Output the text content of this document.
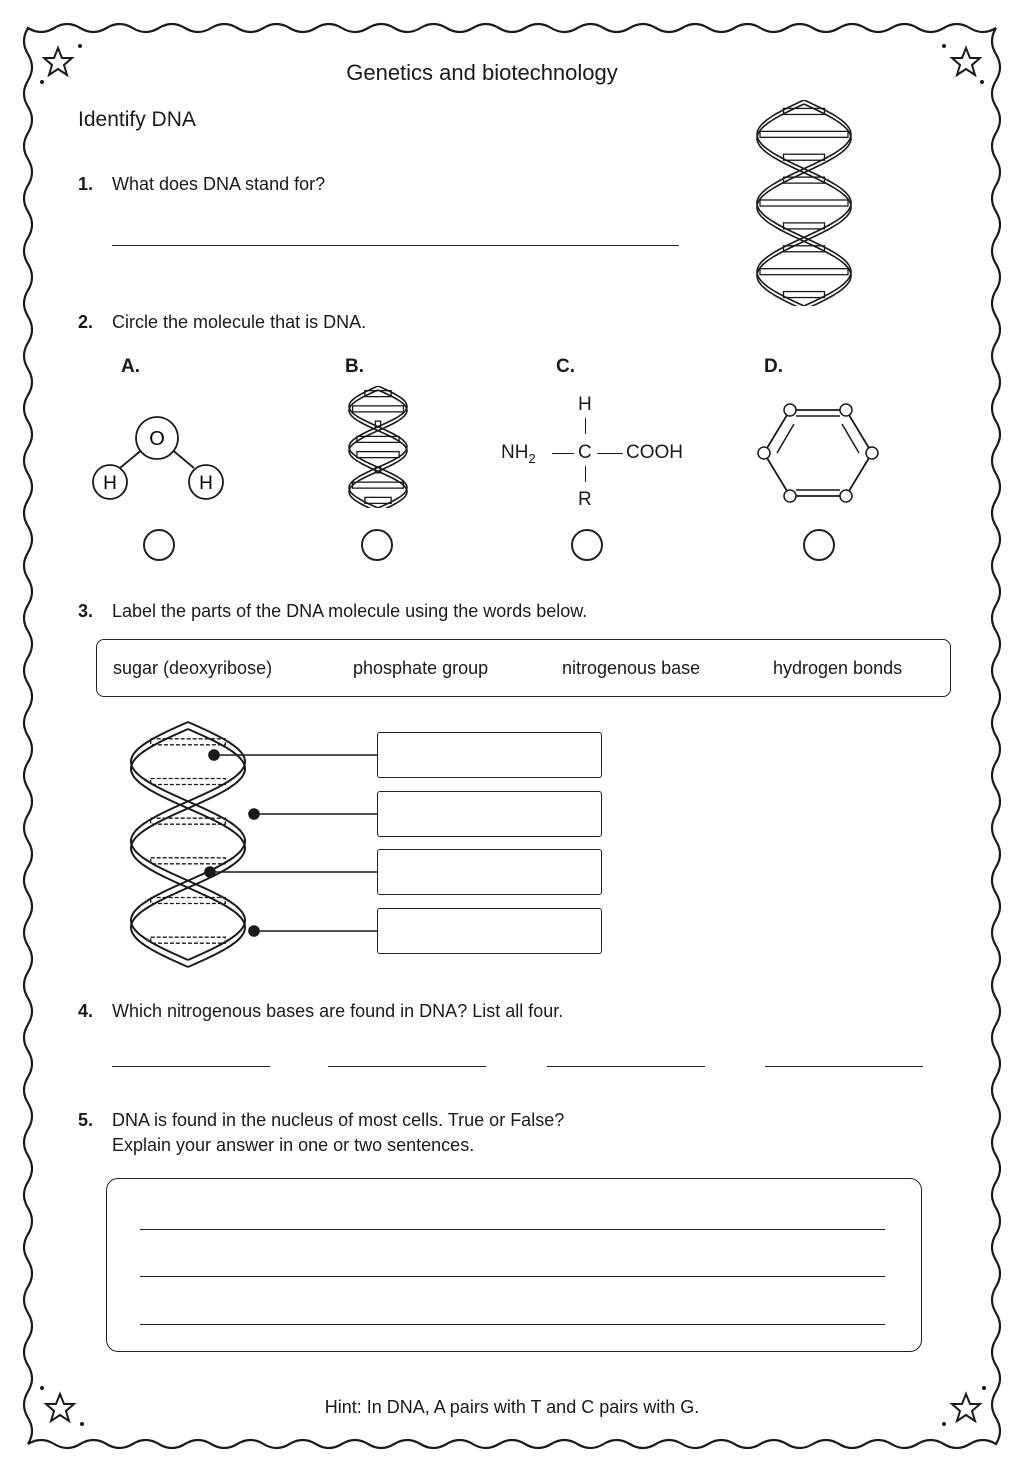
Genetics and biotechnology
Identify DNA
1. What does DNA stand for?
2. Circle the molecule that is DNA.
A.	B.	C.	D.
O
H	H
H
$NH_2$ C COOH
R
3. Label the parts of the DNA molecule using the words below.
sugar (deoxyribose)	phosphate group	nitrogenous base	hydrogen bonds
4. Which nitrogenous bases are found in DNA? List all four.
5. DNA is found in the nucleus of most cells. True or False?
Explain your answer in one or two sentences.
Hint: In DNA, A pairs with T and C pairs with G.
